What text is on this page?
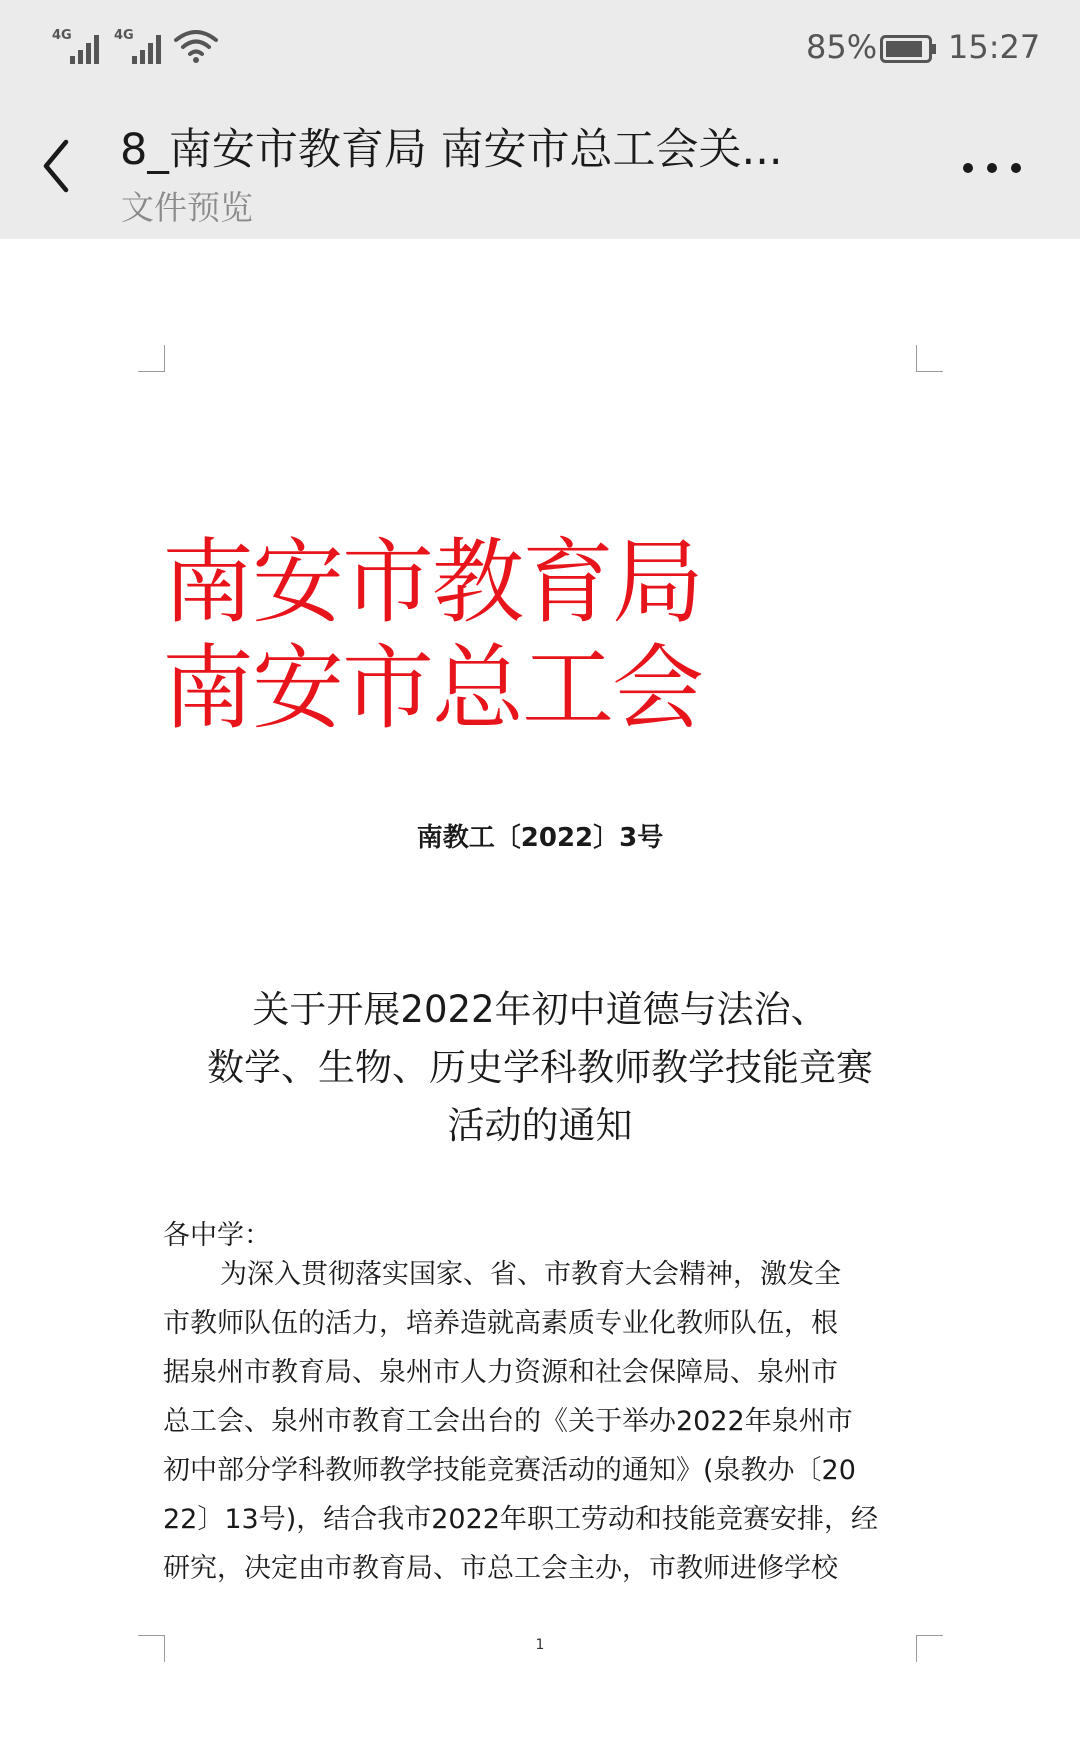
4G	4G	85% 15:27
8_南安市教育局 南安市总工会关...
文件预览
南安市教育局
南安市总工会
南教工〔2022〕3号
关于开展2022年初中道德与法治、
数学、生物、历史学科教师教学技能竞赛
活动的通知
各中学：
为深入贯彻落实国家、省、市教育大会精神，激发全
市教师队伍的活力，培养造就高素质专业化教师队伍，根
据泉州市教育局、泉州市人力资源和社会保障局、泉州市
总工会、泉州市教育工会出台的《关于举办2022年泉州市
初中部分学科教师教学技能竞赛活动的通知》(泉教办〔20
22〕13号)，结合我市2022年职工劳动和技能竞赛安排，经
研究，决定由市教育局、市总工会主办，市教师进修学校
1
